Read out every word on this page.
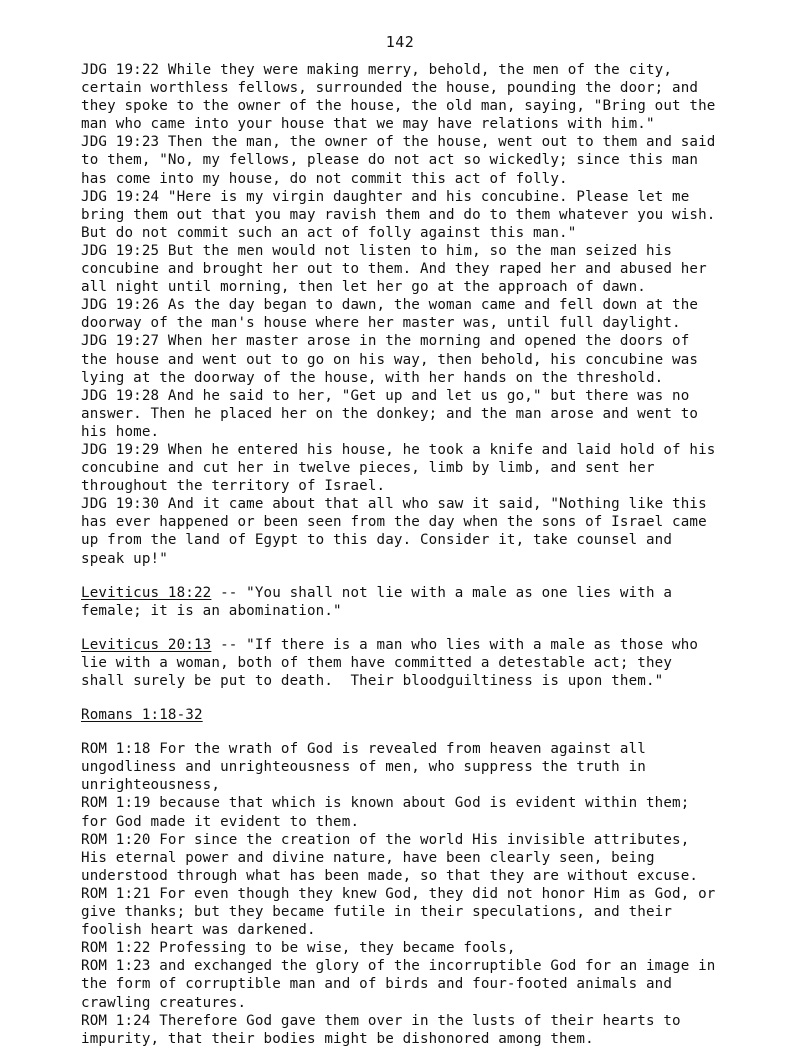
142
JDG 19:22 While they were making merry, behold, the men of the city,
certain worthless fellows, surrounded the house, pounding the door; and
they spoke to the owner of the house, the old man, saying, "Bring out the
man who came into your house that we may have relations with him."
JDG 19:23 Then the man, the owner of the house, went out to them and said
to them, "No, my fellows, please do not act so wickedly; since this man
has come into my house, do not commit this act of folly.
JDG 19:24 "Here is my virgin daughter and his concubine. Please let me
bring them out that you may ravish them and do to them whatever you wish.
But do not commit such an act of folly against this man."
JDG 19:25 But the men would not listen to him, so the man seized his
concubine and brought her out to them. And they raped her and abused her
all night until morning, then let her go at the approach of dawn.
JDG 19:26 As the day began to dawn, the woman came and fell down at the
doorway of the man's house where her master was, until full daylight.
JDG 19:27 When her master arose in the morning and opened the doors of
the house and went out to go on his way, then behold, his concubine was
lying at the doorway of the house, with her hands on the threshold.
JDG 19:28 And he said to her, "Get up and let us go," but there was no
answer. Then he placed her on the donkey; and the man arose and went to
his home.
JDG 19:29 When he entered his house, he took a knife and laid hold of his
concubine and cut her in twelve pieces, limb by limb, and sent her
throughout the territory of Israel.
JDG 19:30 And it came about that all who saw it said, "Nothing like this
has ever happened or been seen from the day when the sons of Israel came
up from the land of Egypt to this day. Consider it, take counsel and
speak up!"
Leviticus 18:22 -- "You shall not lie with a male as one lies with a
female; it is an abomination."
Leviticus 20:13 -- "If there is a man who lies with a male as those who
lie with a woman, both of them have committed a detestable act; they
shall surely be put to death.  Their bloodguiltiness is upon them."
Romans 1:18-32
ROM 1:18 For the wrath of God is revealed from heaven against all
ungodliness and unrighteousness of men, who suppress the truth in
unrighteousness,
ROM 1:19 because that which is known about God is evident within them;
for God made it evident to them.
ROM 1:20 For since the creation of the world His invisible attributes,
His eternal power and divine nature, have been clearly seen, being
understood through what has been made, so that they are without excuse.
ROM 1:21 For even though they knew God, they did not honor Him as God, or
give thanks; but they became futile in their speculations, and their
foolish heart was darkened.
ROM 1:22 Professing to be wise, they became fools,
ROM 1:23 and exchanged the glory of the incorruptible God for an image in
the form of corruptible man and of birds and four-footed animals and
crawling creatures.
ROM 1:24 Therefore God gave them over in the lusts of their hearts to
impurity, that their bodies might be dishonored among them.
